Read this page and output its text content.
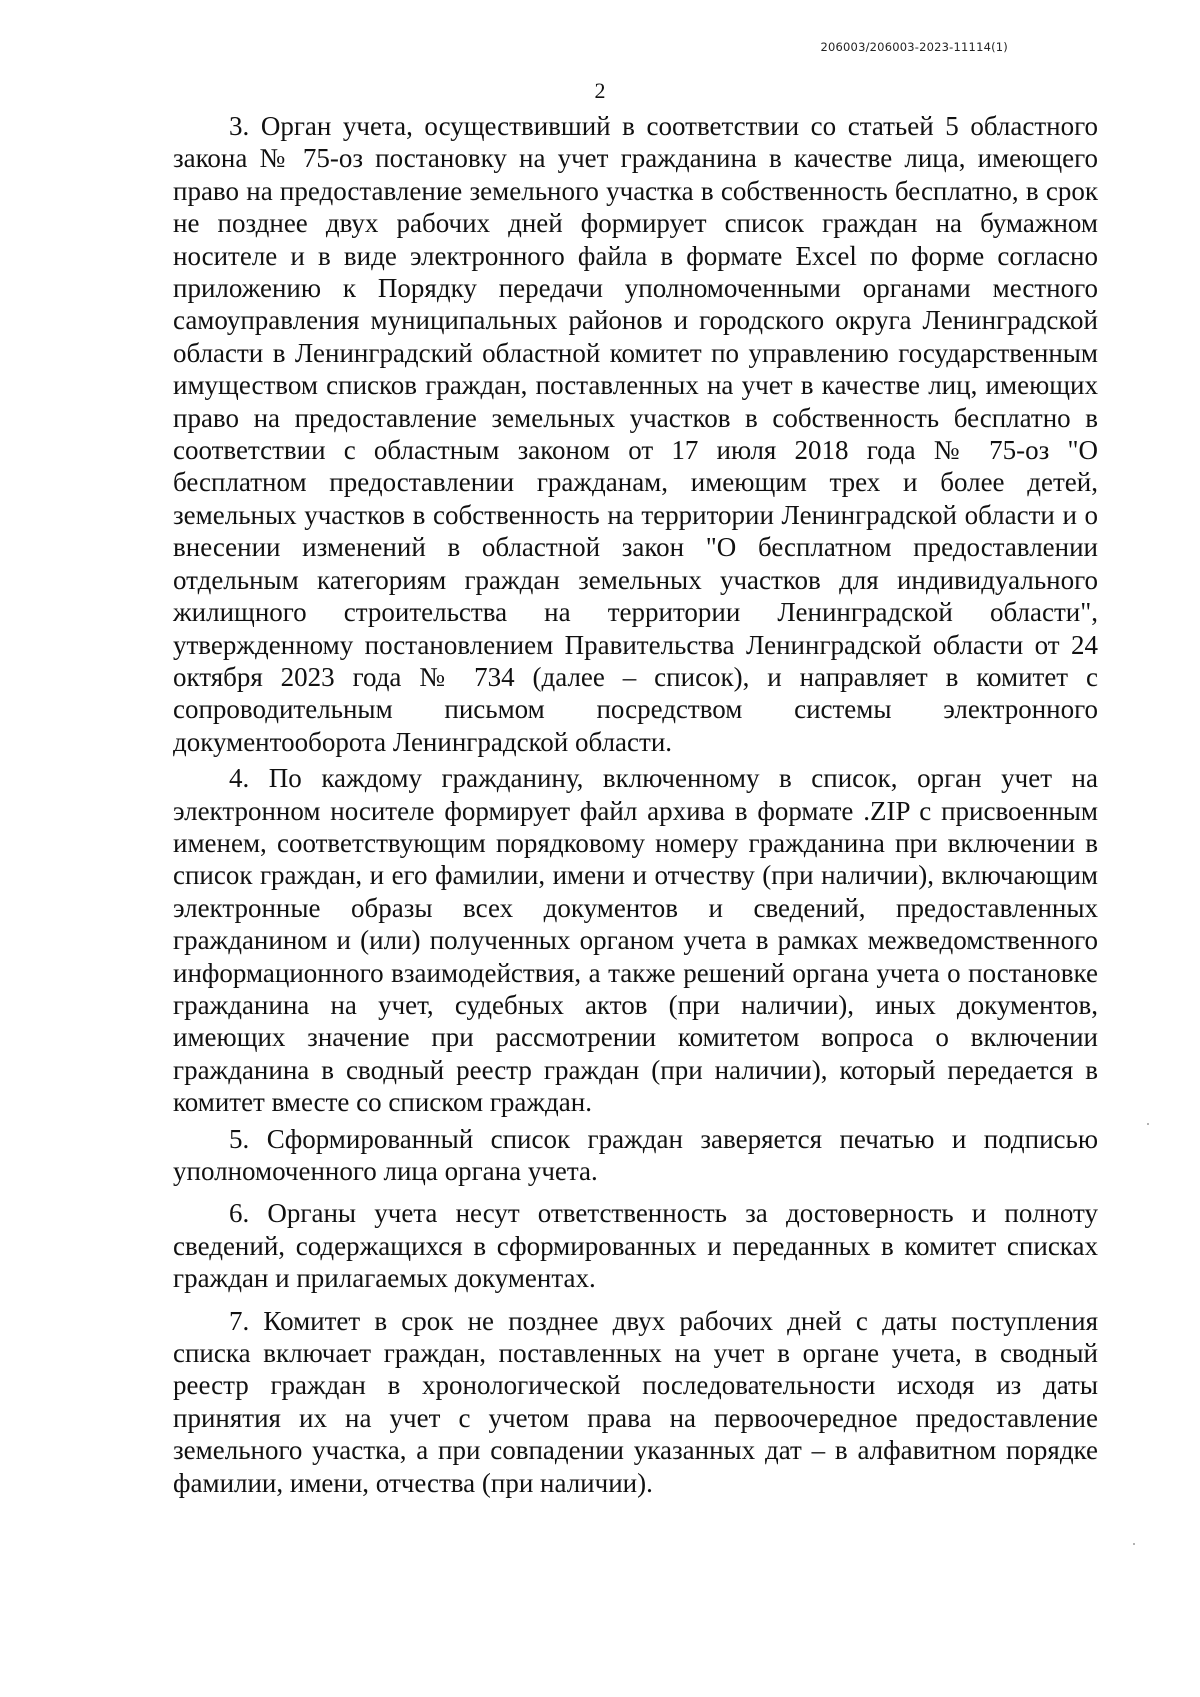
206003/206003-2023-11114(1)
2

3. Орган учета, осуществивший в соответствии со статьей 5 областного закона № 75-оз постановку на учет гражданина в качестве лица, имеющего право на предоставление земельного участка в собственность бесплатно, в срок не позднее двух рабочих дней формирует список граждан на бумажном носителе и в виде электронного файла в формате Excel по форме согласно приложению к Порядку передачи уполномоченными органами местного самоуправления муниципальных районов и городского округа Ленинградской области в Ленинградский областной комитет по управлению государственным имуществом списков граждан, поставленных на учет в качестве лиц, имеющих право на предоставление земельных участков в собственность бесплатно в соответствии с областным законом от 17 июля 2018 года № 75-оз "О бесплатном предоставлении гражданам, имеющим трех и более детей, земельных участков в собственность на территории Ленинградской области и о внесении изменений в областной закон "О бесплатном предоставлении отдельным категориям граждан земельных участков для индивидуального жилищного строительства на территории Ленинградской области", утвержденному постановлением Правительства Ленинградской области от 24 октября 2023 года № 734 (далее – список), и направляет в комитет с сопроводительным письмом посредством системы электронного документооборота Ленинградской области.

4. По каждому гражданину, включенному в список, орган учет на электронном носителе формирует файл архива в формате .ZIP с присвоенным именем, соответствующим порядковому номеру гражданина при включении в список граждан, и его фамилии, имени и отчеству (при наличии), включающим электронные образы всех документов и сведений, предоставленных гражданином и (или) полученных органом учета в рамках межведомственного информационного взаимодействия, а также решений органа учета о постановке гражданина на учет, судебных актов (при наличии), иных документов, имеющих значение при рассмотрении комитетом вопроса о включении гражданина в сводный реестр граждан (при наличии), который передается в комитет вместе со списком граждан.

5. Сформированный список граждан заверяется печатью и подписью уполномоченного лица органа учета.

6. Органы учета несут ответственность за достоверность и полноту сведений, содержащихся в сформированных и переданных в комитет списках граждан и прилагаемых документах.

7. Комитет в срок не позднее двух рабочих дней с даты поступления списка включает граждан, поставленных на учет в органе учета, в сводный реестр граждан в хронологической последовательности исходя из даты принятия их на учет с учетом права на первоочередное предоставление земельного участка, а при совпадении указанных дат – в алфавитном порядке фамилии, имени, отчества (при наличии).
